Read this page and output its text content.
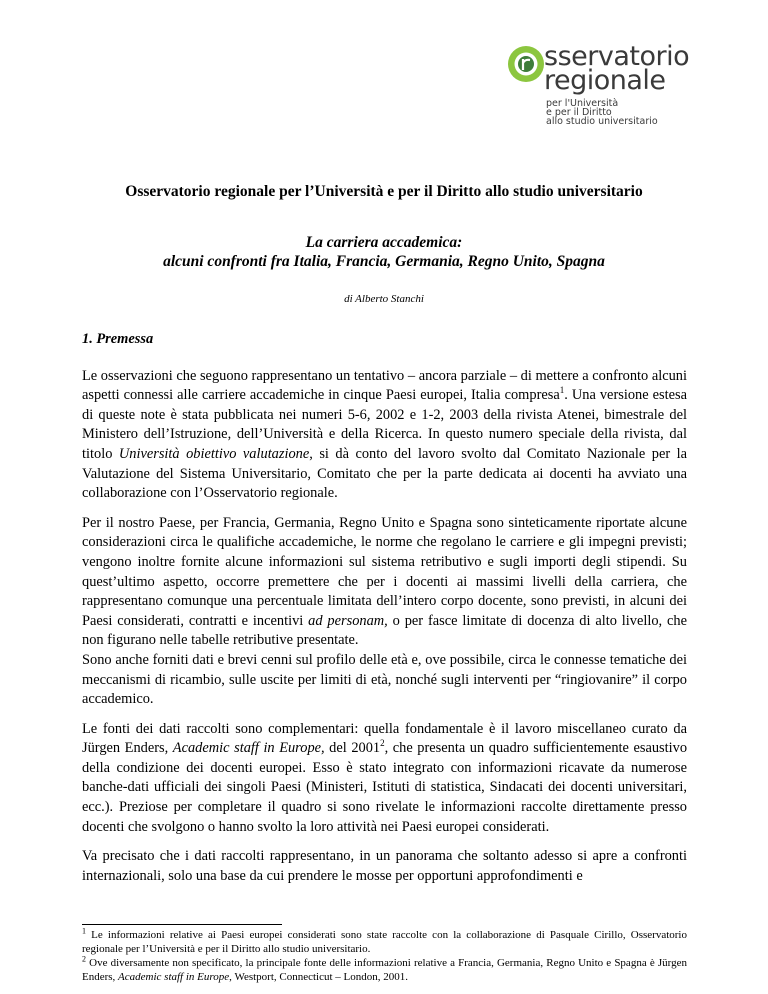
sservatorio
regionale
per l'Università
e per il Diritto
allo studio universitario
Osservatorio regionale per l’Università e per il Diritto allo studio universitario
La carriera accademica:
alcuni confronti fra Italia, Francia, Germania, Regno Unito, Spagna
di Alberto Stanchi
1. Premessa

Le osservazioni che seguono rappresentano un tentativo – ancora parziale – di mettere a confronto alcuni aspetti connessi alle carriere accademiche in cinque Paesi europei, Italia compresa$^1$. Una versione estesa di queste note è stata pubblicata nei numeri 5-6, 2002 e 1-2, 2003 della rivista Atenei, bimestrale del Ministero dell’Istruzione, dell’Università e della Ricerca. In questo numero speciale della rivista, dal titolo Università obiettivo valutazione, si dà conto del lavoro svolto dal Comitato Nazionale per la Valutazione del Sistema Universitario, Comitato che per la parte dedicata ai docenti ha avviato una collaborazione con l’Osservatorio regionale.

Per il nostro Paese, per Francia, Germania, Regno Unito e Spagna sono sinteticamente riportate alcune considerazioni circa le qualifiche accademiche, le norme che regolano le carriere e gli impegni previsti; vengono inoltre fornite alcune informazioni sul sistema retributivo e sugli importi degli stipendi. Su quest’ultimo aspetto, occorre premettere che per i docenti ai massimi livelli della carriera, che rappresentano comunque una percentuale limitata dell’intero corpo docente, sono previsti, in alcuni dei Paesi considerati, contratti e incentivi ad personam, o per fasce limitate di docenza di alto livello, che non figurano nelle tabelle retributive presentate.

Sono anche forniti dati e brevi cenni sul profilo delle età e, ove possibile, circa le connesse tematiche dei meccanismi di ricambio, sulle uscite per limiti di età, nonché sugli interventi per “ringiovanire” il corpo accademico.

Le fonti dei dati raccolti sono complementari: quella fondamentale è il lavoro miscellaneo curato da Jürgen Enders, Academic staff in Europe, del 2001$^2$, che presenta un quadro sufficientemente esaustivo della condizione dei docenti europei. Esso è stato integrato con informazioni ricavate da numerose banche-dati ufficiali dei singoli Paesi (Ministeri, Istituti di statistica, Sindacati dei docenti universitari, ecc.). Preziose per completare il quadro si sono rivelate le informazioni raccolte direttamente presso docenti che svolgono o hanno svolto la loro attività nei Paesi europei considerati.

Va precisato che i dati raccolti rappresentano, in un panorama che soltanto adesso si apre a confronti internazionali, solo una base da cui prendere le mosse per opportuni approfondimenti e

$^1$ Le informazioni relative ai Paesi europei considerati sono state raccolte con la collaborazione di Pasquale Cirillo, Osservatorio regionale per l’Università e per il Diritto allo studio universitario.

$^2$ Ove diversamente non specificato, la principale fonte delle informazioni relative a Francia, Germania, Regno Unito e Spagna è Jürgen Enders, Academic staff in Europe, Westport, Connecticut – London, 2001.
